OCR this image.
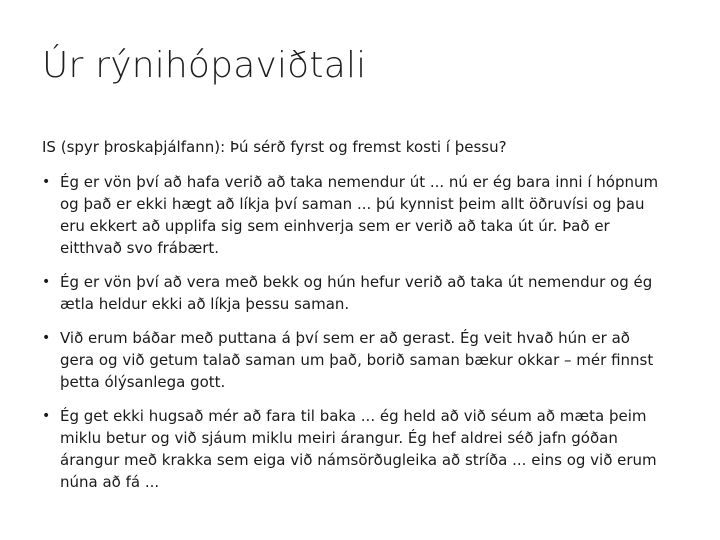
Úr rýnihópaviðtali
IS (spyr þroskaþjálfann): Þú sérð fyrst og fremst kosti í þessu?
• Ég er vön því að hafa verið að taka nemendur út ... nú er ég bara inni í hópnum
og það er ekki hægt að líkja því saman ... þú kynnist þeim allt öðruvísi og þau
eru ekkert að upplifa sig sem einhverja sem er verið að taka út úr. Það er
eitthvað svo frábært.
• Ég er vön því að vera með bekk og hún hefur verið að taka út nemendur og ég
ætla heldur ekki að líkja þessu saman.
• Við erum báðar með puttana á því sem er að gerast. Ég veit hvað hún er að
gera og við getum talað saman um það, borið saman bækur okkar – mér finnst
þetta ólýsanlega gott.
• Ég get ekki hugsað mér að fara til baka ... ég held að við séum að mæta þeim
miklu betur og við sjáum miklu meiri árangur. Ég hef aldrei séð jafn góðan
árangur með krakka sem eiga við námsörðugleika að stríða ... eins og við erum
núna að fá ...
